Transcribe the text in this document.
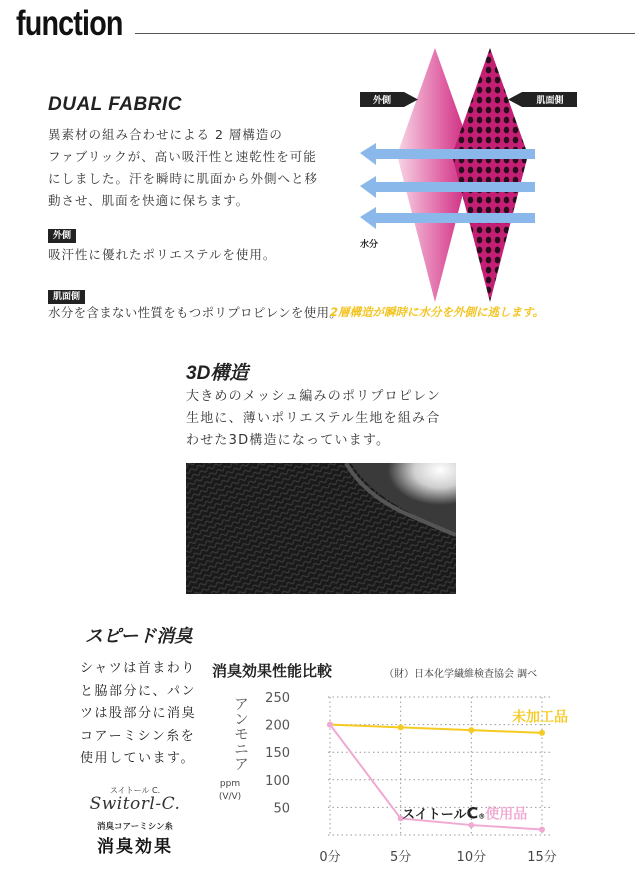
function
DUAL FABRIC
異素材の組み合わせによる 2 層構造の
ファブリックが、高い吸汗性と速乾性を可能
にしました。汗を瞬時に肌面から外側へと移
動させ、肌面を快適に保ちます。
外側
吸汗性に優れたポリエステルを使用。
肌面側
水分を含まない性質をもつポリプロピレンを使用。
2層構造が瞬時に水分を外側に逃します。
外側	肌面側
水分
3D構造
大きめのメッシュ編みのポリプロピレン
生地に、薄いポリエステル生地を組み合
わせた3D構造になっています。
スピード消臭
シャツは首まわり
と脇部分に、パン
ツは股部分に消臭
コアーミシン糸を
使用しています。
スイトール C.
Switorl-C.
消臭コアーミシン糸
消臭効果
消臭効果性能比較	（財）日本化学繊維検査協会 調べ
アンモニア
ppm
(V/V)
50
100
150
200
250
0分	5分	10分	15分
未加工品
スイトールC®使用品
